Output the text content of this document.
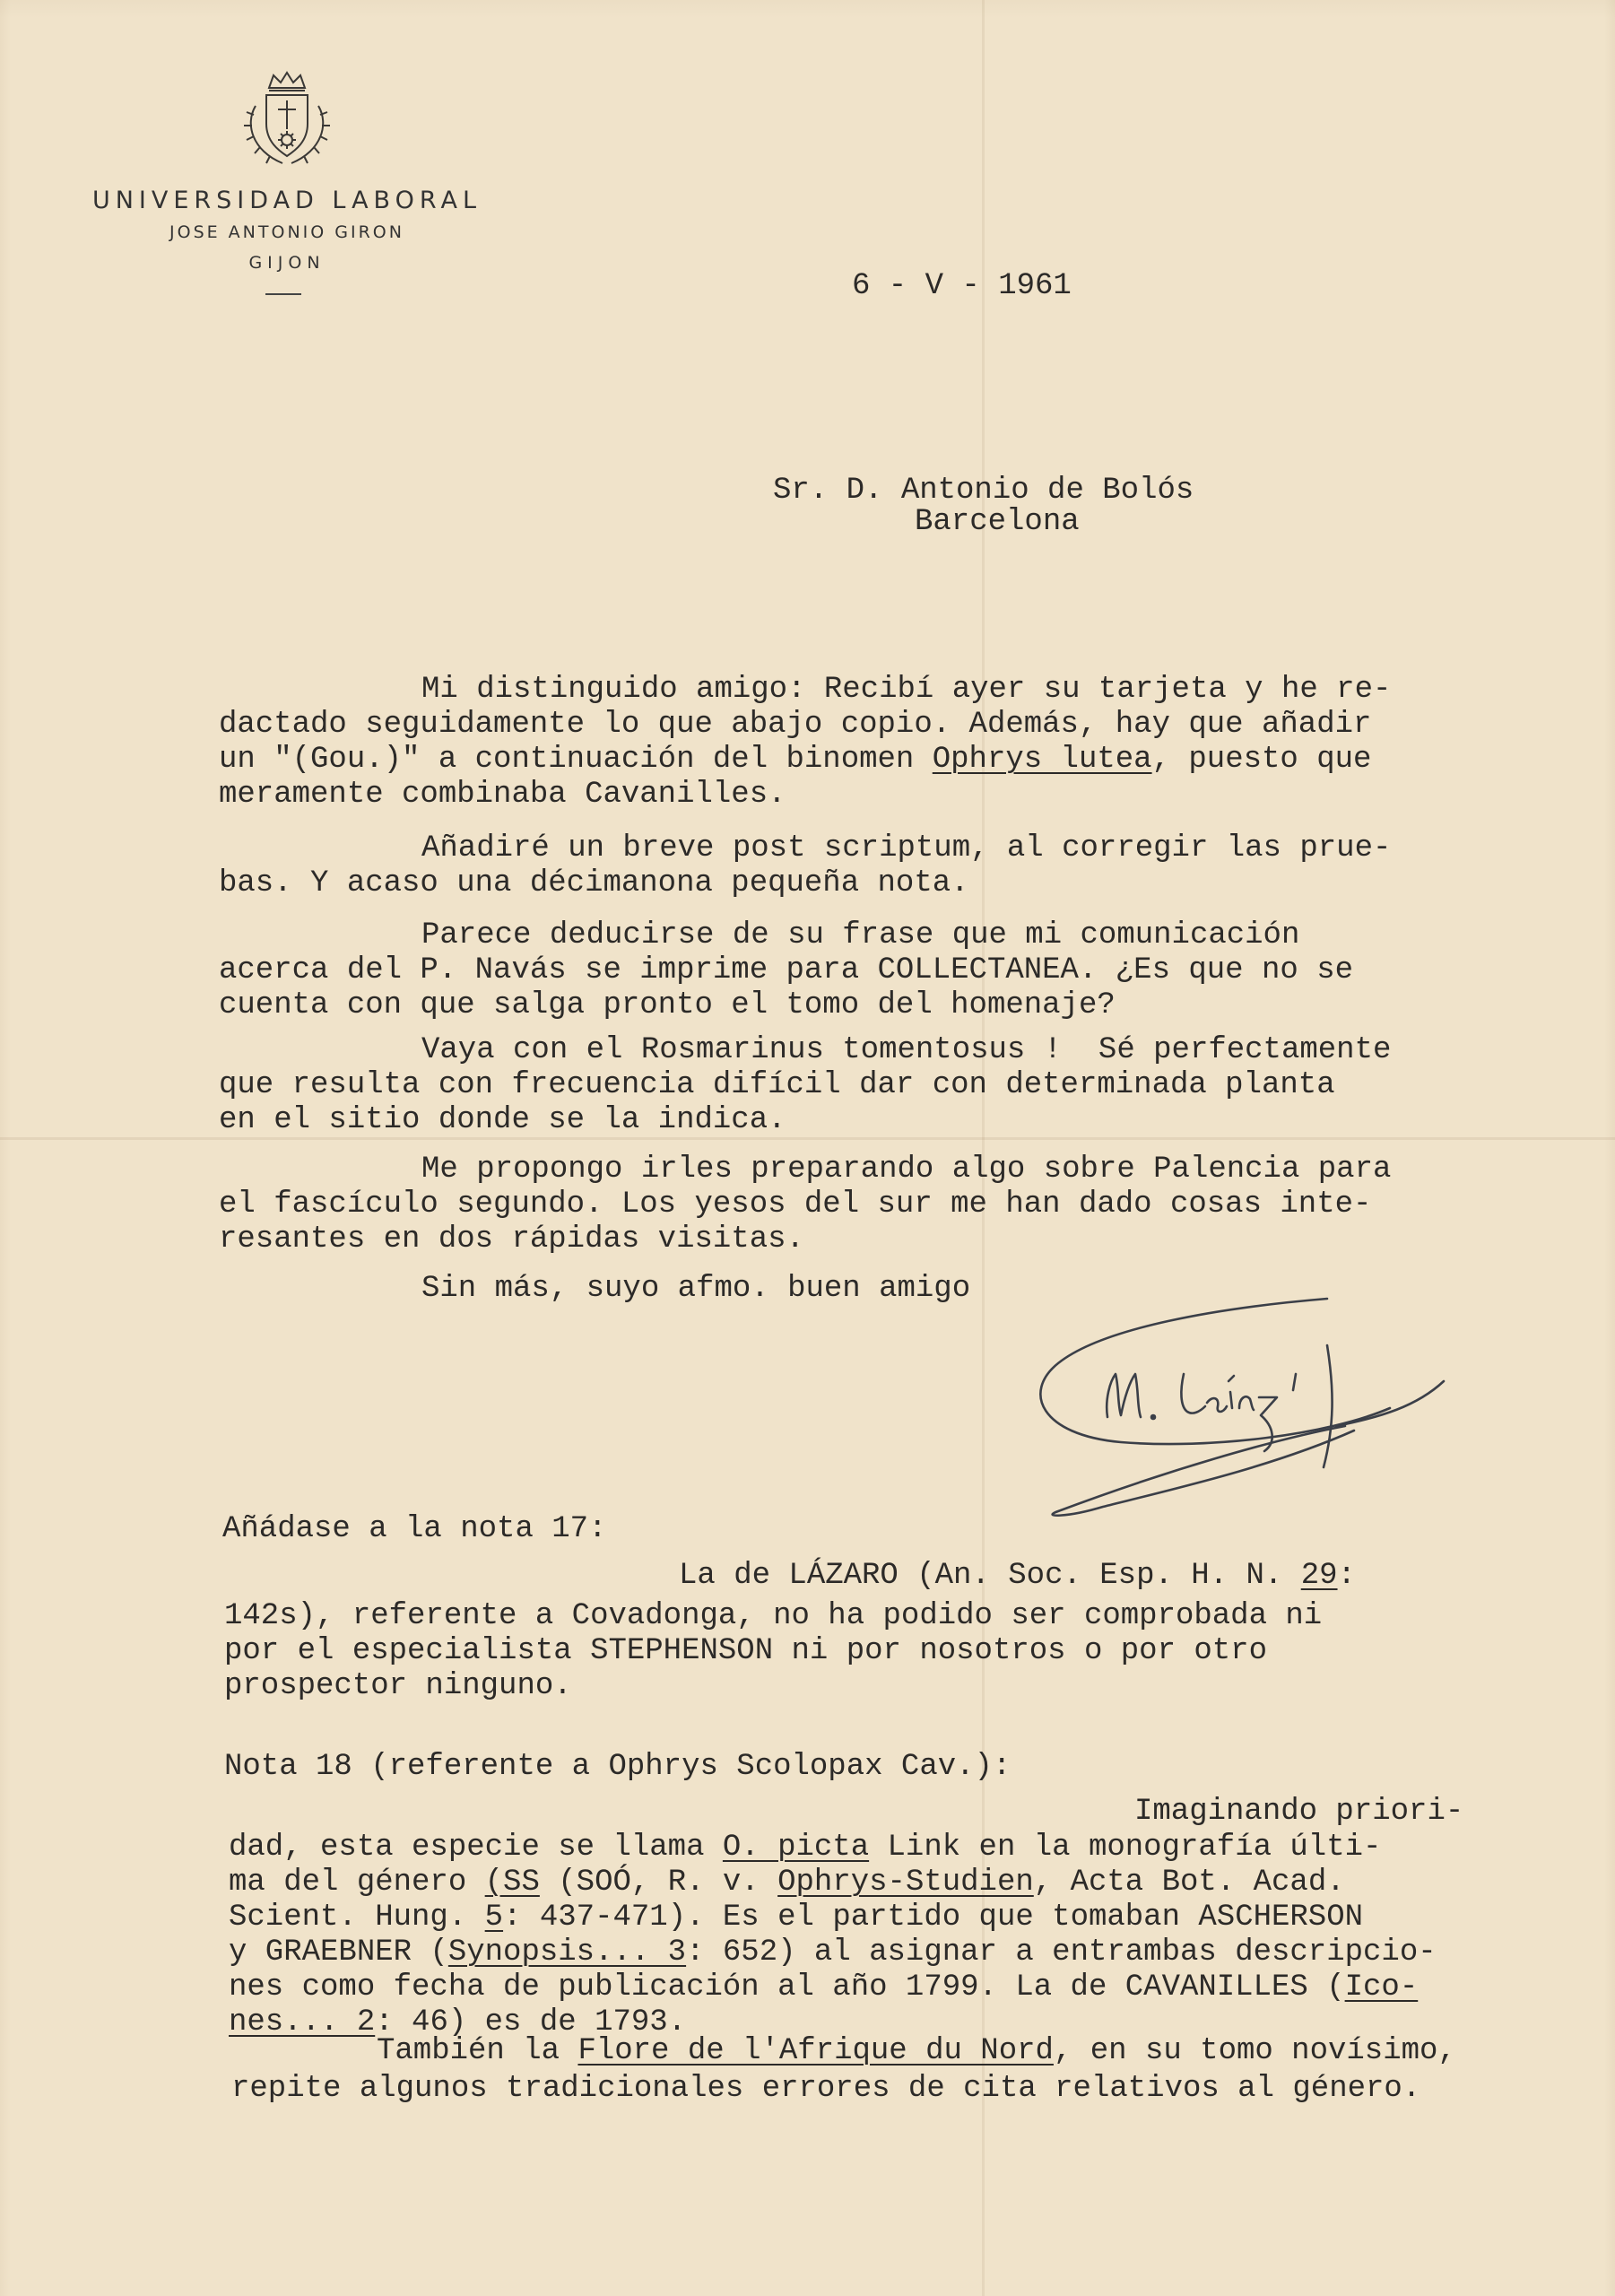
UNIVERSIDAD LABORAL
JOSE ANTONIO GIRON
GIJON
6 - V - 1961
Sr. D. Antonio de Bolós
Barcelona
Mi distinguido amigo: Recibí ayer su tarjeta y he re-
dactado seguidamente lo que abajo copio. Además, hay que añadir
un "(Gou.)" a continuación del binomen Ophrys lutea, puesto que
meramente combinaba Cavanilles.
Añadiré un breve post scriptum, al corregir las prue-
bas. Y acaso una décimanona pequeña nota.
Parece deducirse de su frase que mi comunicación
acerca del P. Navás se imprime para COLLECTANEA. ¿Es que no se
cuenta con que salga pronto el tomo del homenaje?
Vaya con el Rosmarinus tomentosus !  Sé perfectamente
que resulta con frecuencia difícil dar con determinada planta
en el sitio donde se la indica.
Me propongo irles preparando algo sobre Palencia para
el fascículo segundo. Los yesos del sur me han dado cosas inte-
resantes en dos rápidas visitas.
Sin más, suyo afmo. buen amigo
Añádase a la nota 17:
La de LÁZARO (An. Soc. Esp. H. N. 29:
142s), referente a Covadonga, no ha podido ser comprobada ni
por el especialista STEPHENSON ni por nosotros o por otro
prospector ninguno.
Nota 18 (referente a Ophrys Scolopax Cav.):
Imaginando priori-
dad, esta especie se llama O. picta Link en la monografía últi-
ma del género (SS (SOÓ, R. v. Ophrys-Studien, Acta Bot. Acad.
Scient. Hung. 5: 437-471). Es el partido que tomaban ASCHERSON
y GRAEBNER (Synopsis... 3: 652) al asignar a entrambas descripcio-
nes como fecha de publicación al año 1799. La de CAVANILLES (Ico-
nes... 2: 46) es de 1793.
También la Flore de l'Afrique du Nord, en su tomo novísimo,
repite algunos tradicionales errores de cita relativos al género.
